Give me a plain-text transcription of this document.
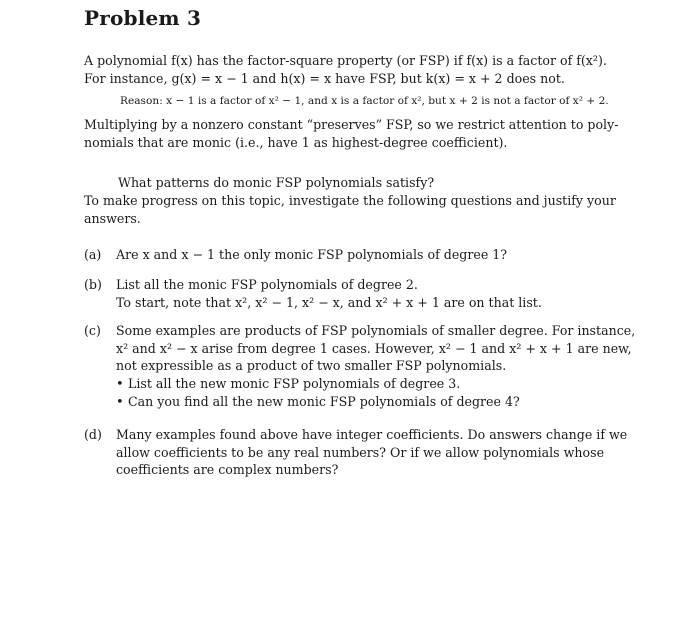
Problem 3
A polynomial f(x) has the factor-square property (or FSP) if f(x) is a factor of f(x²).
For instance, g(x) = x − 1 and h(x) = x have FSP, but k(x) = x + 2 does not.
Reason: x − 1 is a factor of x² − 1, and x is a factor of x², but x + 2 is not a factor of x² + 2.
Multiplying by a nonzero constant “preserves” FSP, so we restrict attention to poly-
nomials that are monic (i.e., have 1 as highest-degree coefficient).
What patterns do monic FSP polynomials satisfy?
To make progress on this topic, investigate the following questions and justify your
answers.
(a) Are x and x − 1 the only monic FSP polynomials of degree 1?
(b) List all the monic FSP polynomials of degree 2.
To start, note that x², x² − 1, x² − x, and x² + x + 1 are on that list.
(c) Some examples are products of FSP polynomials of smaller degree. For instance,
x² and x² − x arise from degree 1 cases. However, x² − 1 and x² + x + 1 are new,
not expressible as a product of two smaller FSP polynomials.
• List all the new monic FSP polynomials of degree 3.
• Can you find all the new monic FSP polynomials of degree 4?
(d) Many examples found above have integer coefficients. Do answers change if we
allow coefficients to be any real numbers? Or if we allow polynomials whose
coefficients are complex numbers?
